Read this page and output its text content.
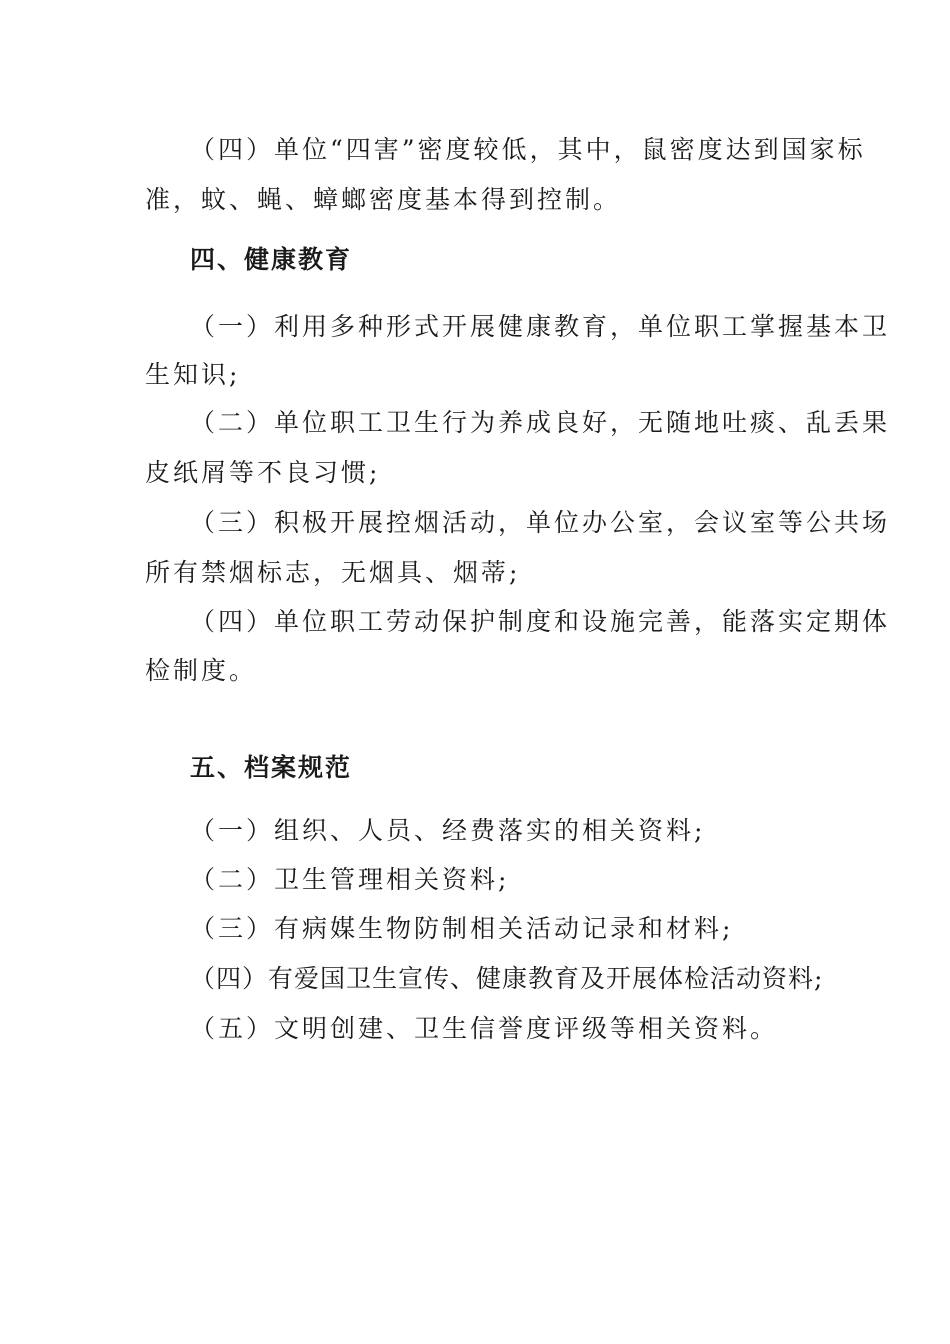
（四）单位“四害”密度较低，其中，鼠密度达到国家标
准，蚊、蝇、蟑螂密度基本得到控制。
四、健康教育
（一）利用多种形式开展健康教育，单位职工掌握基本卫
生知识;
（二）单位职工卫生行为养成良好，无随地吐痰、乱丢果
皮纸屑等不良习惯;
（三）积极开展控烟活动，单位办公室，会议室等公共场
所有禁烟标志，无烟具、烟蒂;
（四）单位职工劳动保护制度和设施完善，能落实定期体
检制度。
五、档案规范
（一）组织、人员、经费落实的相关资料;
（二）卫生管理相关资料;
（三）有病媒生物防制相关活动记录和材料;
（四）有爱国卫生宣传、健康教育及开展体检活动资料;
（五）文明创建、卫生信誉度评级等相关资料。
